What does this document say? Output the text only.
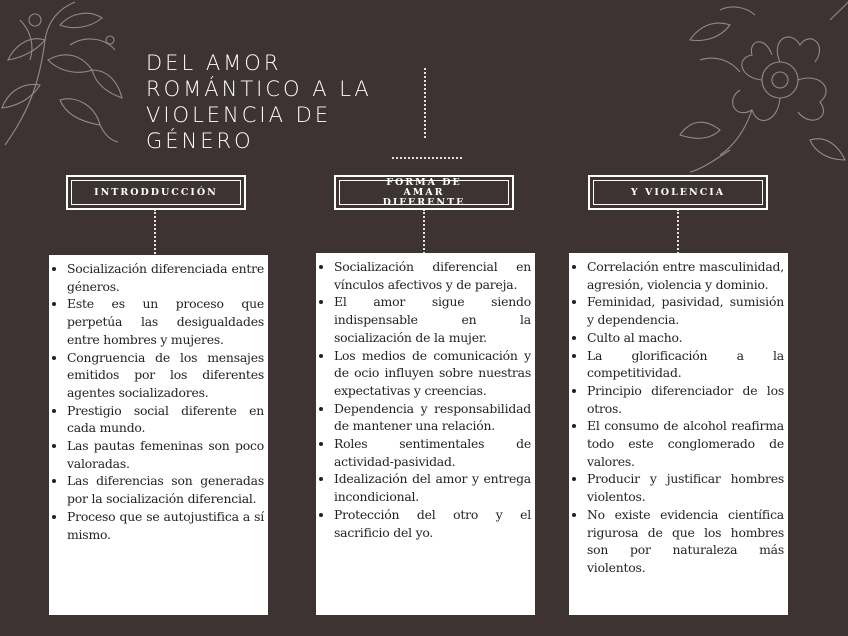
DEL AMOR
ROMÁNTICO A LA
VIOLENCIA DE
GÉNERO
INTRODDUCCIÓN
FORMA DE AMAR DIFERENTE
Y VIOLENCIA
• Socialización diferenciada entre géneros.
• Este es un proceso que perpetúa las desigualdades entre hombres y mujeres.
• Congruencia de los mensajes emitidos por los diferentes agentes socializadores.
• Prestigio social diferente en cada mundo.
• Las pautas femeninas son poco valoradas.
• Las diferencias son generadas por la socialización diferencial.
• Proceso que se autojustifica a sí mismo.
• Socialización diferencial en vínculos afectivos y de pareja.
• El amor sigue siendo indispensable en la socialización de la mujer.
• Los medios de comunicación y de ocio influyen sobre nuestras expectativas y creencias.
• Dependencia y responsabilidad de mantener una relación.
• Roles sentimentales de actividad-pasividad.
• Idealización del amor y entrega incondicional.
• Protección del otro y el sacrificio del yo.
• Correlación entre masculinidad, agresión, violencia y dominio.
• Feminidad, pasividad, sumisión y dependencia.
• Culto al macho.
• La glorificación a la competitividad.
• Principio diferenciador de los otros.
• El consumo de alcohol reafirma todo este conglomerado de valores.
• Producir y justificar hombres violentos.
• No existe evidencia científica rigurosa de que los hombres son por naturaleza más violentos.
